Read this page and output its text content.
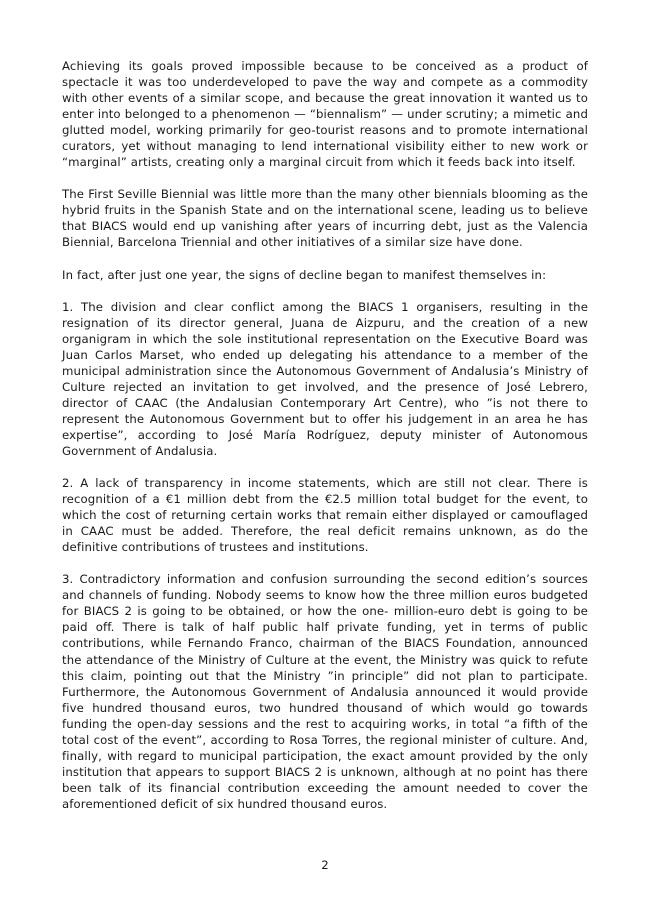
Achieving its goals proved impossible because to be conceived as a product of spectacle it was too underdeveloped to pave the way and compete as a commodity with other events of a similar scope, and because the great innovation it wanted us to enter into belonged to a phenomenon — “biennalism” — under scrutiny; a mimetic and glutted model, working primarily for geo-tourist reasons and to promote international curators, yet without managing to lend international visibility either to new work or “marginal” artists, creating only a marginal circuit from which it feeds back into itself.

The First Seville Biennial was little more than the many other biennials blooming as the hybrid fruits in the Spanish State and on the international scene, leading us to believe that BIACS would end up vanishing after years of incurring debt, just as the Valencia Biennial, Barcelona Triennial and other initiatives of a similar size have done.

In fact, after just one year, the signs of decline began to manifest themselves in:

1. The division and clear conflict among the BIACS 1 organisers, resulting in the resignation of its director general, Juana de Aizpuru, and the creation of a new organigram in which the sole institutional representation on the Executive Board was Juan Carlos Marset, who ended up delegating his attendance to a member of the municipal administration since the Autonomous Government of Andalusia’s Ministry of Culture rejected an invitation to get involved, and the presence of José Lebrero, director of CAAC (the Andalusian Contemporary Art Centre), who ”is not there to represent the Autonomous Government but to offer his judgement in an area he has expertise”, according to José María Rodríguez, deputy minister of Autonomous Government of Andalusia.

2. A lack of transparency in income statements, which are still not clear. There is recognition of a €1 million debt from the €2.5 million total budget for the event, to which the cost of returning certain works that remain either displayed or camouflaged in CAAC must be added. Therefore, the real deficit remains unknown, as do the definitive contributions of trustees and institutions.

3. Contradictory information and confusion surrounding the second edition’s sources and channels of funding. Nobody seems to know how the three million euros budgeted for BIACS 2 is going to be obtained, or how the one- million-euro debt is going to be paid off. There is talk of half public half private funding, yet in terms of public contributions, while Fernando Franco, chairman of the BIACS Foundation, announced the attendance of the Ministry of Culture at the event, the Ministry was quick to refute this claim, pointing out that the Ministry ”in principle” did not plan to participate. Furthermore, the Autonomous Government of Andalusia announced it would provide five hundred thousand euros, two hundred thousand of which would go towards funding the open-day sessions and the rest to acquiring works, in total “a fifth of the total cost of the event”, according to Rosa Torres, the regional minister of culture. And, finally, with regard to municipal participation, the exact amount provided by the only institution that appears to support BIACS 2 is unknown, although at no point has there been talk of its financial contribution exceeding the amount needed to cover the aforementioned deficit of six hundred thousand euros.

2
